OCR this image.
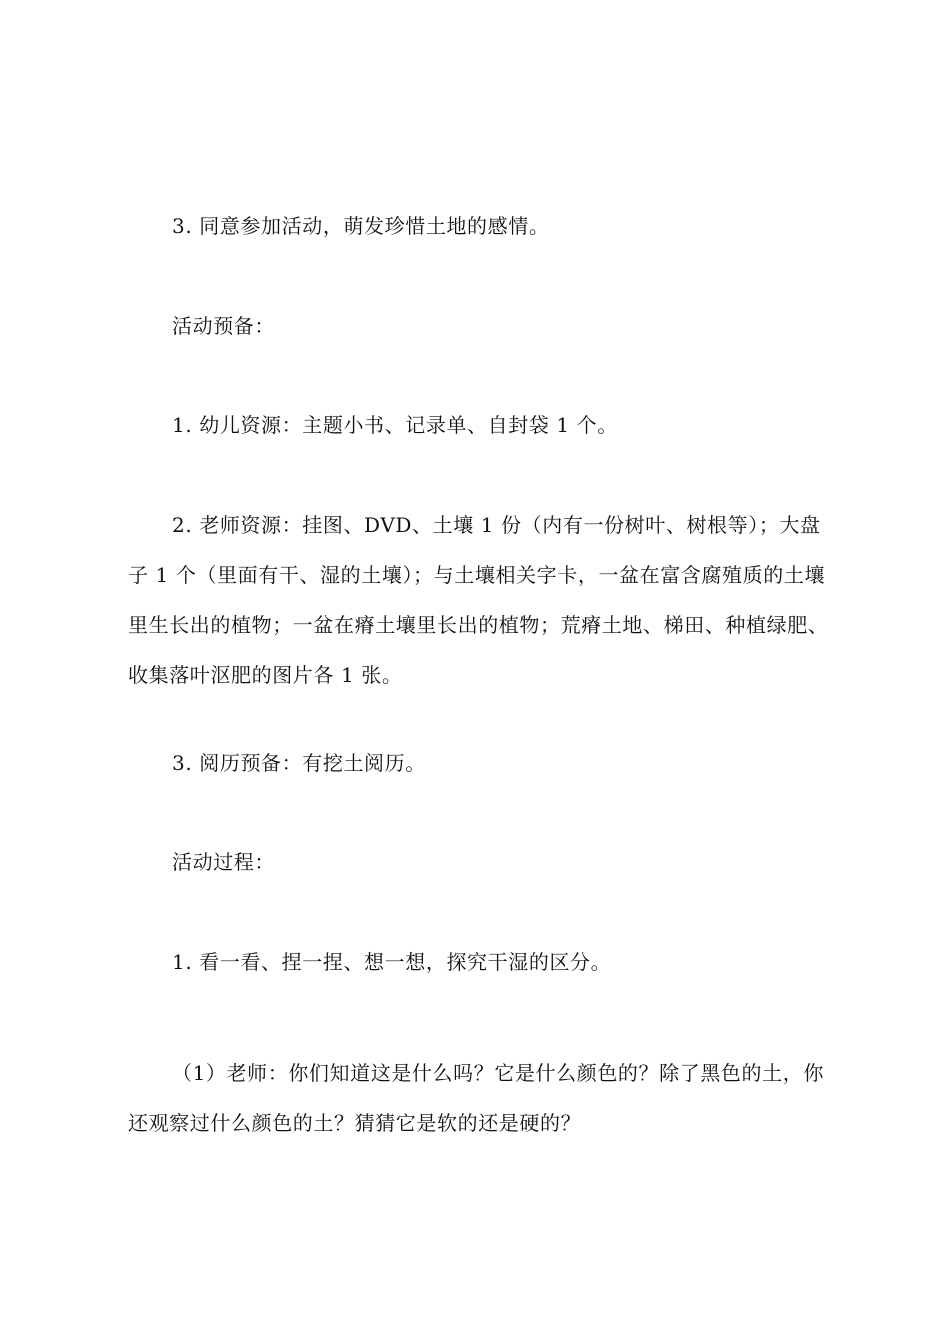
3. 同意参加活动，萌发珍惜土地的感情。

活动预备：

1. 幼儿资源：主题小书、记录单、自封袋 1 个。

2. 老师资源：挂图、DVD、土壤 1 份（内有一份树叶、树根等）；大盘子 1 个（里面有干、湿的土壤）；与土壤相关字卡，一盆在富含腐殖质的土壤里生长出的植物；一盆在瘠土壤里长出的植物；荒瘠土地、梯田、种植绿肥、收集落叶沤肥的图片各 1 张。

3. 阅历预备：有挖土阅历。

活动过程：

1. 看一看、捏一捏、想一想，探究干湿的区分。

（1）老师：你们知道这是什么吗？它是什么颜色的？除了黑色的土，你还观察过什么颜色的土？猜猜它是软的还是硬的？
